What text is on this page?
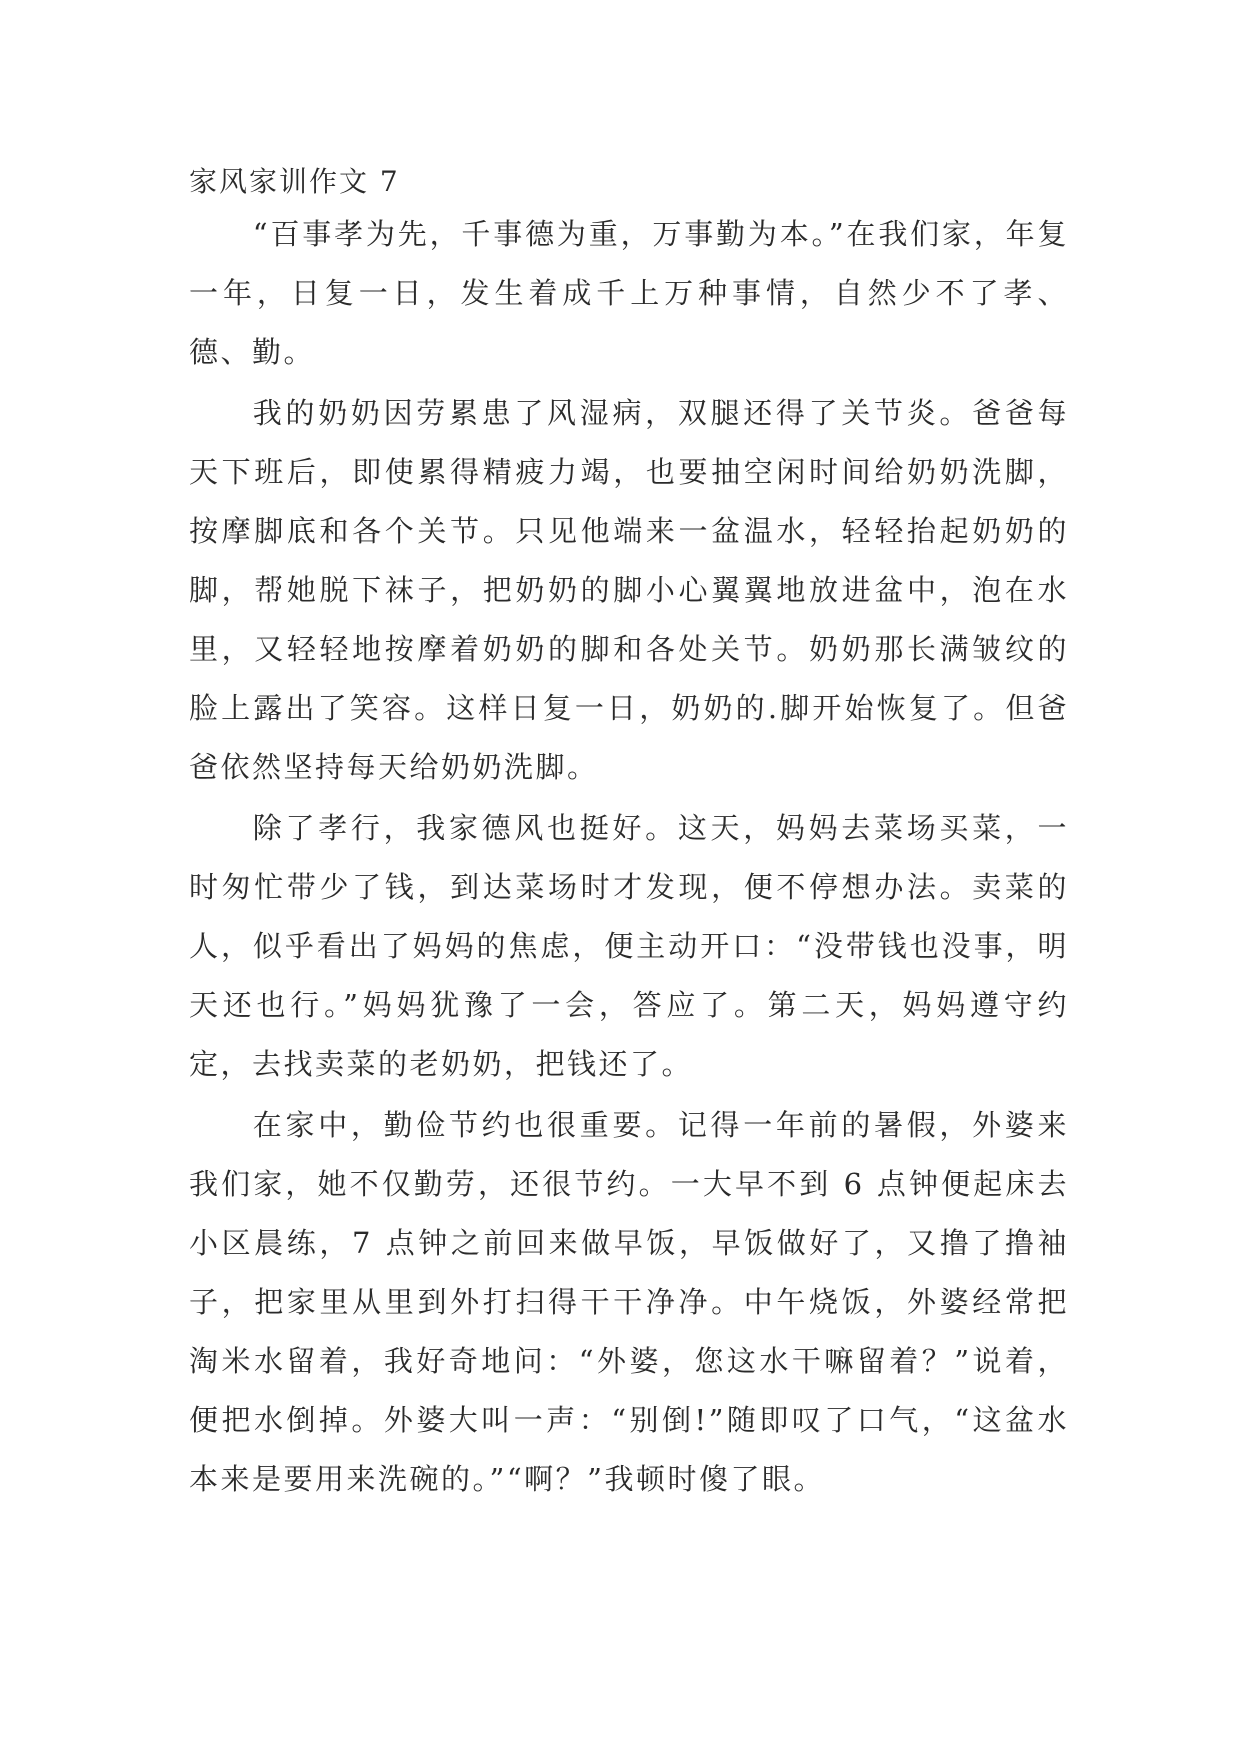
家风家训作文 7

“百事孝为先，千事德为重，万事勤为本。”在我们家，年复一年，日复一日，发生着成千上万种事情，自然少不了孝、德、勤。

我的奶奶因劳累患了风湿病，双腿还得了关节炎。爸爸每天下班后，即使累得精疲力竭，也要抽空闲时间给奶奶洗脚，按摩脚底和各个关节。只见他端来一盆温水，轻轻抬起奶奶的脚，帮她脱下袜子，把奶奶的脚小心翼翼地放进盆中，泡在水里，又轻轻地按摩着奶奶的脚和各处关节。奶奶那长满皱纹的脸上露出了笑容。这样日复一日，奶奶的.脚开始恢复了。但爸爸依然坚持每天给奶奶洗脚。

除了孝行，我家德风也挺好。这天，妈妈去菜场买菜，一时匆忙带少了钱，到达菜场时才发现，便不停想办法。卖菜的人，似乎看出了妈妈的焦虑，便主动开口：“没带钱也没事，明天还也行。”妈妈犹豫了一会，答应了。第二天，妈妈遵守约定，去找卖菜的老奶奶，把钱还了。

在家中，勤俭节约也很重要。记得一年前的暑假，外婆来我们家，她不仅勤劳，还很节约。一大早不到 6 点钟便起床去小区晨练，7 点钟之前回来做早饭，早饭做好了，又撸了撸袖子，把家里从里到外打扫得干干净净。中午烧饭，外婆经常把淘米水留着，我好奇地问：“外婆，您这水干嘛留着？”说着，便把水倒掉。外婆大叫一声：“别倒!”随即叹了口气，“这盆水本来是要用来洗碗的。”“啊？”我顿时傻了眼。
